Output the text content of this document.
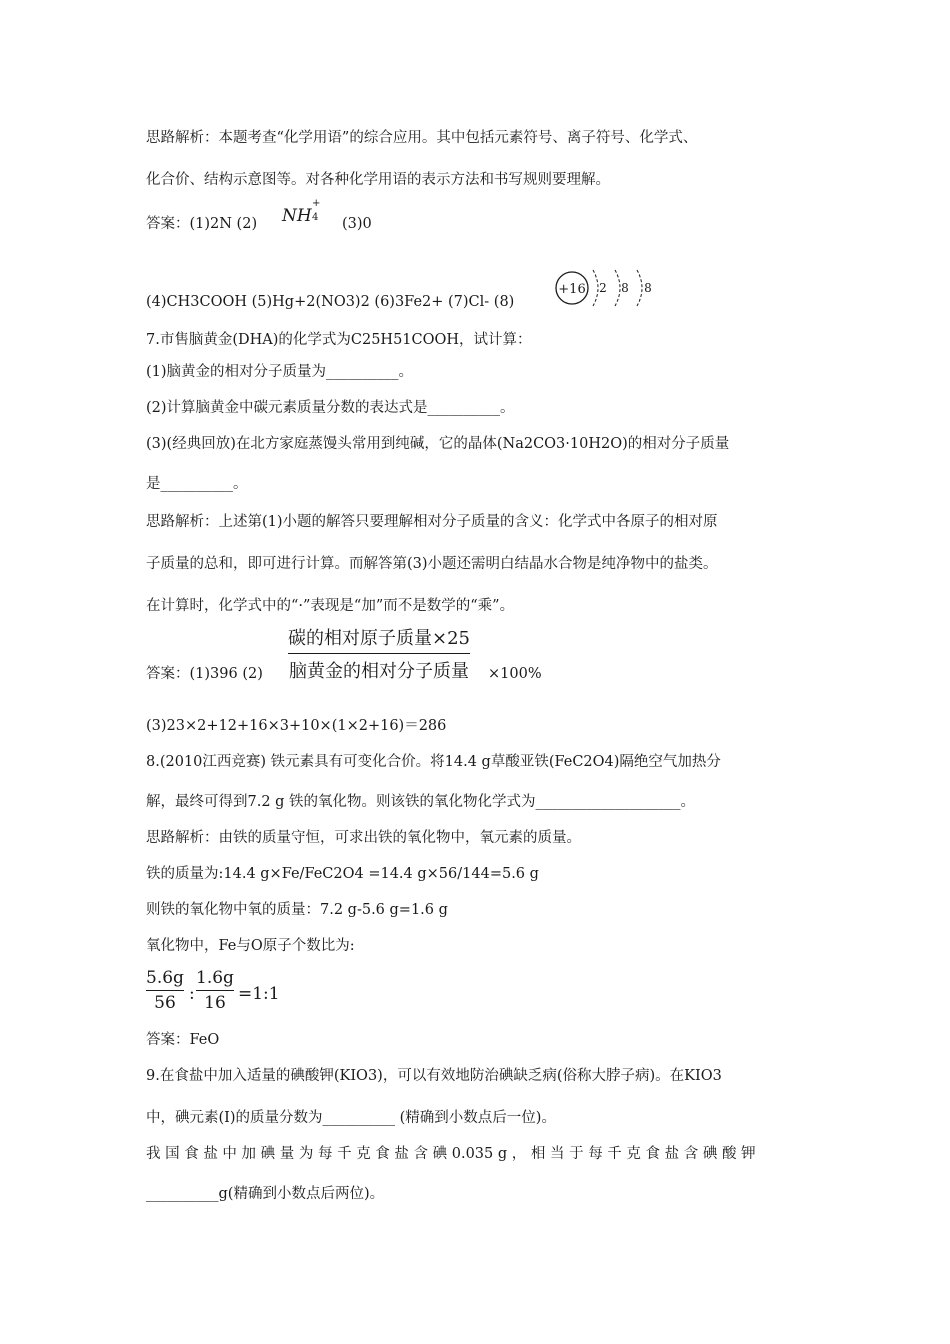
思路解析：本题考查“化学用语”的综合应用。其中包括元素符号、离子符号、化学式、
化合价、结构示意图等。对各种化学用语的表示方法和书写规则要理解。
答案：(1)2N (2) NH
+
4 (3)0
(4)CH3COOH (5)Hg+2(NO3)2 (6)3Fe2+ (7)Cl- (8)
+16 2 8 8
7.市售脑黄金(DHA)的化学式为C25H51COOH，试计算：
(1)脑黄金的相对分子质量为__________。
(2)计算脑黄金中碳元素质量分数的表达式是__________。
(3)(经典回放)在北方家庭蒸馒头常用到纯碱，它的晶体(Na2CO3·10H2O)的相对分子质量
是__________。
思路解析：上述第(1)小题的解答只要理解相对分子质量的含义：化学式中各原子的相对原
子质量的总和，即可进行计算。而解答第(3)小题还需明白结晶水合物是纯净物中的盐类。
在计算时，化学式中的“·”表现是“加”而不是数学的“乘”。
答案：(1)396 (2)
碳的相对原子质量×25
脑黄金的相对分子质量 ×100%
(3)23×2+12+16×3+10×(1×2+16)＝286
8.(2010江西竞赛) 铁元素具有可变化合价。将14.4 g草酸亚铁(FeC2O4)隔绝空气加热分
解，最终可得到7.2 g 铁的氧化物。则该铁的氧化物化学式为____________________。
思路解析：由铁的质量守恒，可求出铁的氧化物中，氧元素的质量。
铁的质量为:14.4 g×Fe/FeC2O4 =14.4 g×56/144=5.6 g
则铁的氧化物中氧的质量：7.2 g-5.6 g=1.6 g
氧化物中，Fe与O原子个数比为:
5.6g
56 :
1.6g
16 =1:1
答案：FeO
9.在食盐中加入适量的碘酸钾(KIO3)，可以有效地防治碘缺乏病(俗称大脖子病)。在KIO3
中，碘元素(I)的质量分数为__________ (精确到小数点后一位)。
我 国 食 盐 中 加 碘 量 为 每 千 克 食 盐 含 碘 0.035 g ， 相 当 于 每 千 克 食 盐 含 碘 酸 钾
__________g(精确到小数点后两位)。
